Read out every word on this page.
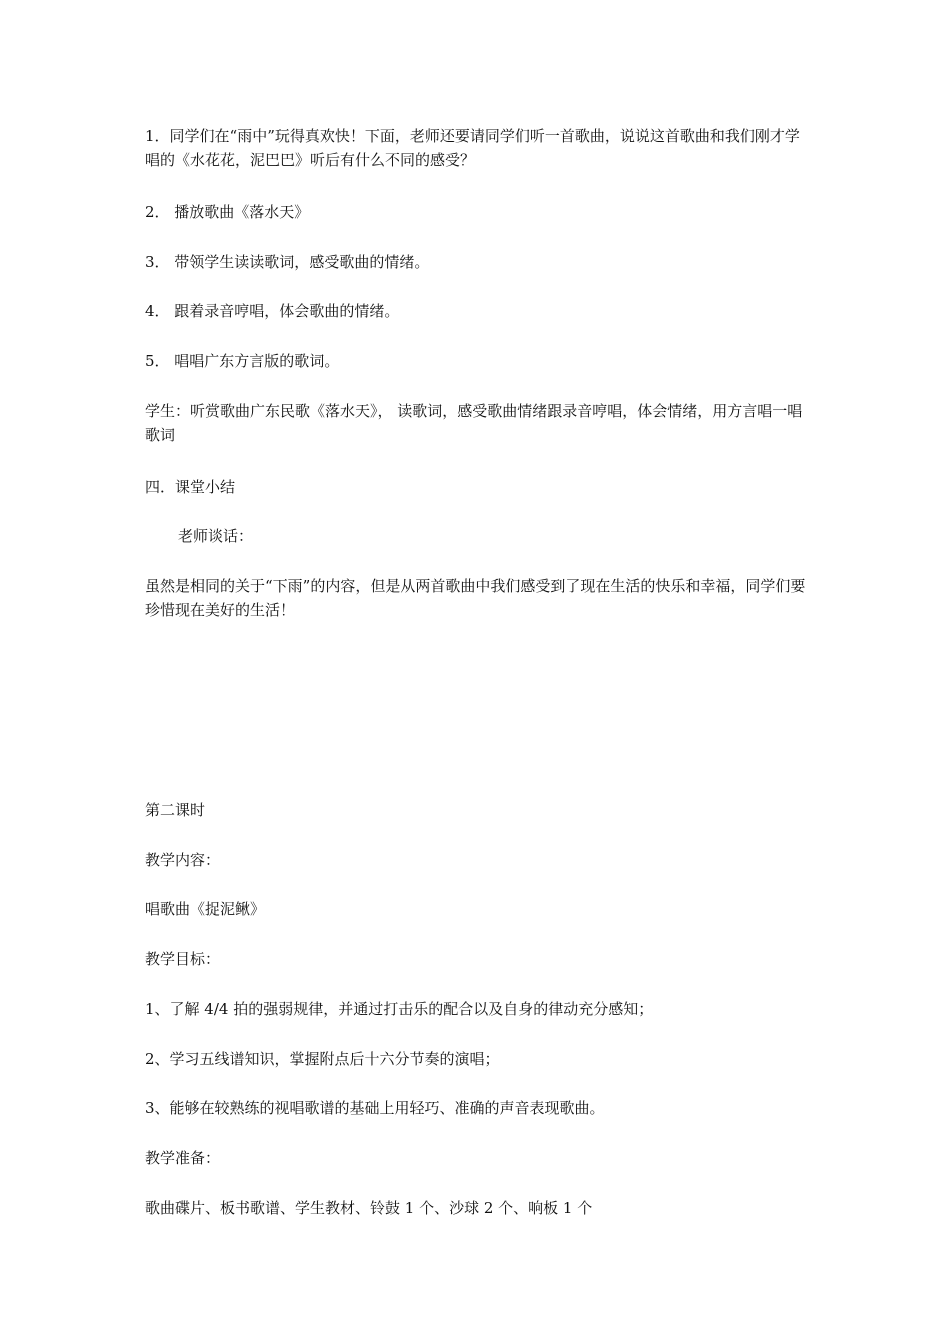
1．同学们在“雨中”玩得真欢快！下面，老师还要请同学们听一首歌曲，说说这首歌曲和我们刚才学唱的《水花花，泥巴巴》听后有什么不同的感受？

2． 播放歌曲《落水天》

3． 带领学生读读歌词，感受歌曲的情绪。

4． 跟着录音哼唱，体会歌曲的情绪。

5． 唱唱广东方言版的歌词。

学生：听赏歌曲广东民歌《落水天》， 读歌词，感受歌曲情绪跟录音哼唱，体会情绪，用方言唱一唱歌词

四．课堂小结

老师谈话：

虽然是相同的关于“下雨”的内容，但是从两首歌曲中我们感受到了现在生活的快乐和幸福，同学们要珍惜现在美好的生活！

第二课时

教学内容：

唱歌曲《捉泥鳅》

教学目标：

1、了解 4/4 拍的强弱规律，并通过打击乐的配合以及自身的律动充分感知；

2、学习五线谱知识，掌握附点后十六分节奏的演唱；

3、能够在较熟练的视唱歌谱的基础上用轻巧、准确的声音表现歌曲。

教学准备：

歌曲碟片、板书歌谱、学生教材、铃鼓 1 个、沙球 2 个、响板 1 个
